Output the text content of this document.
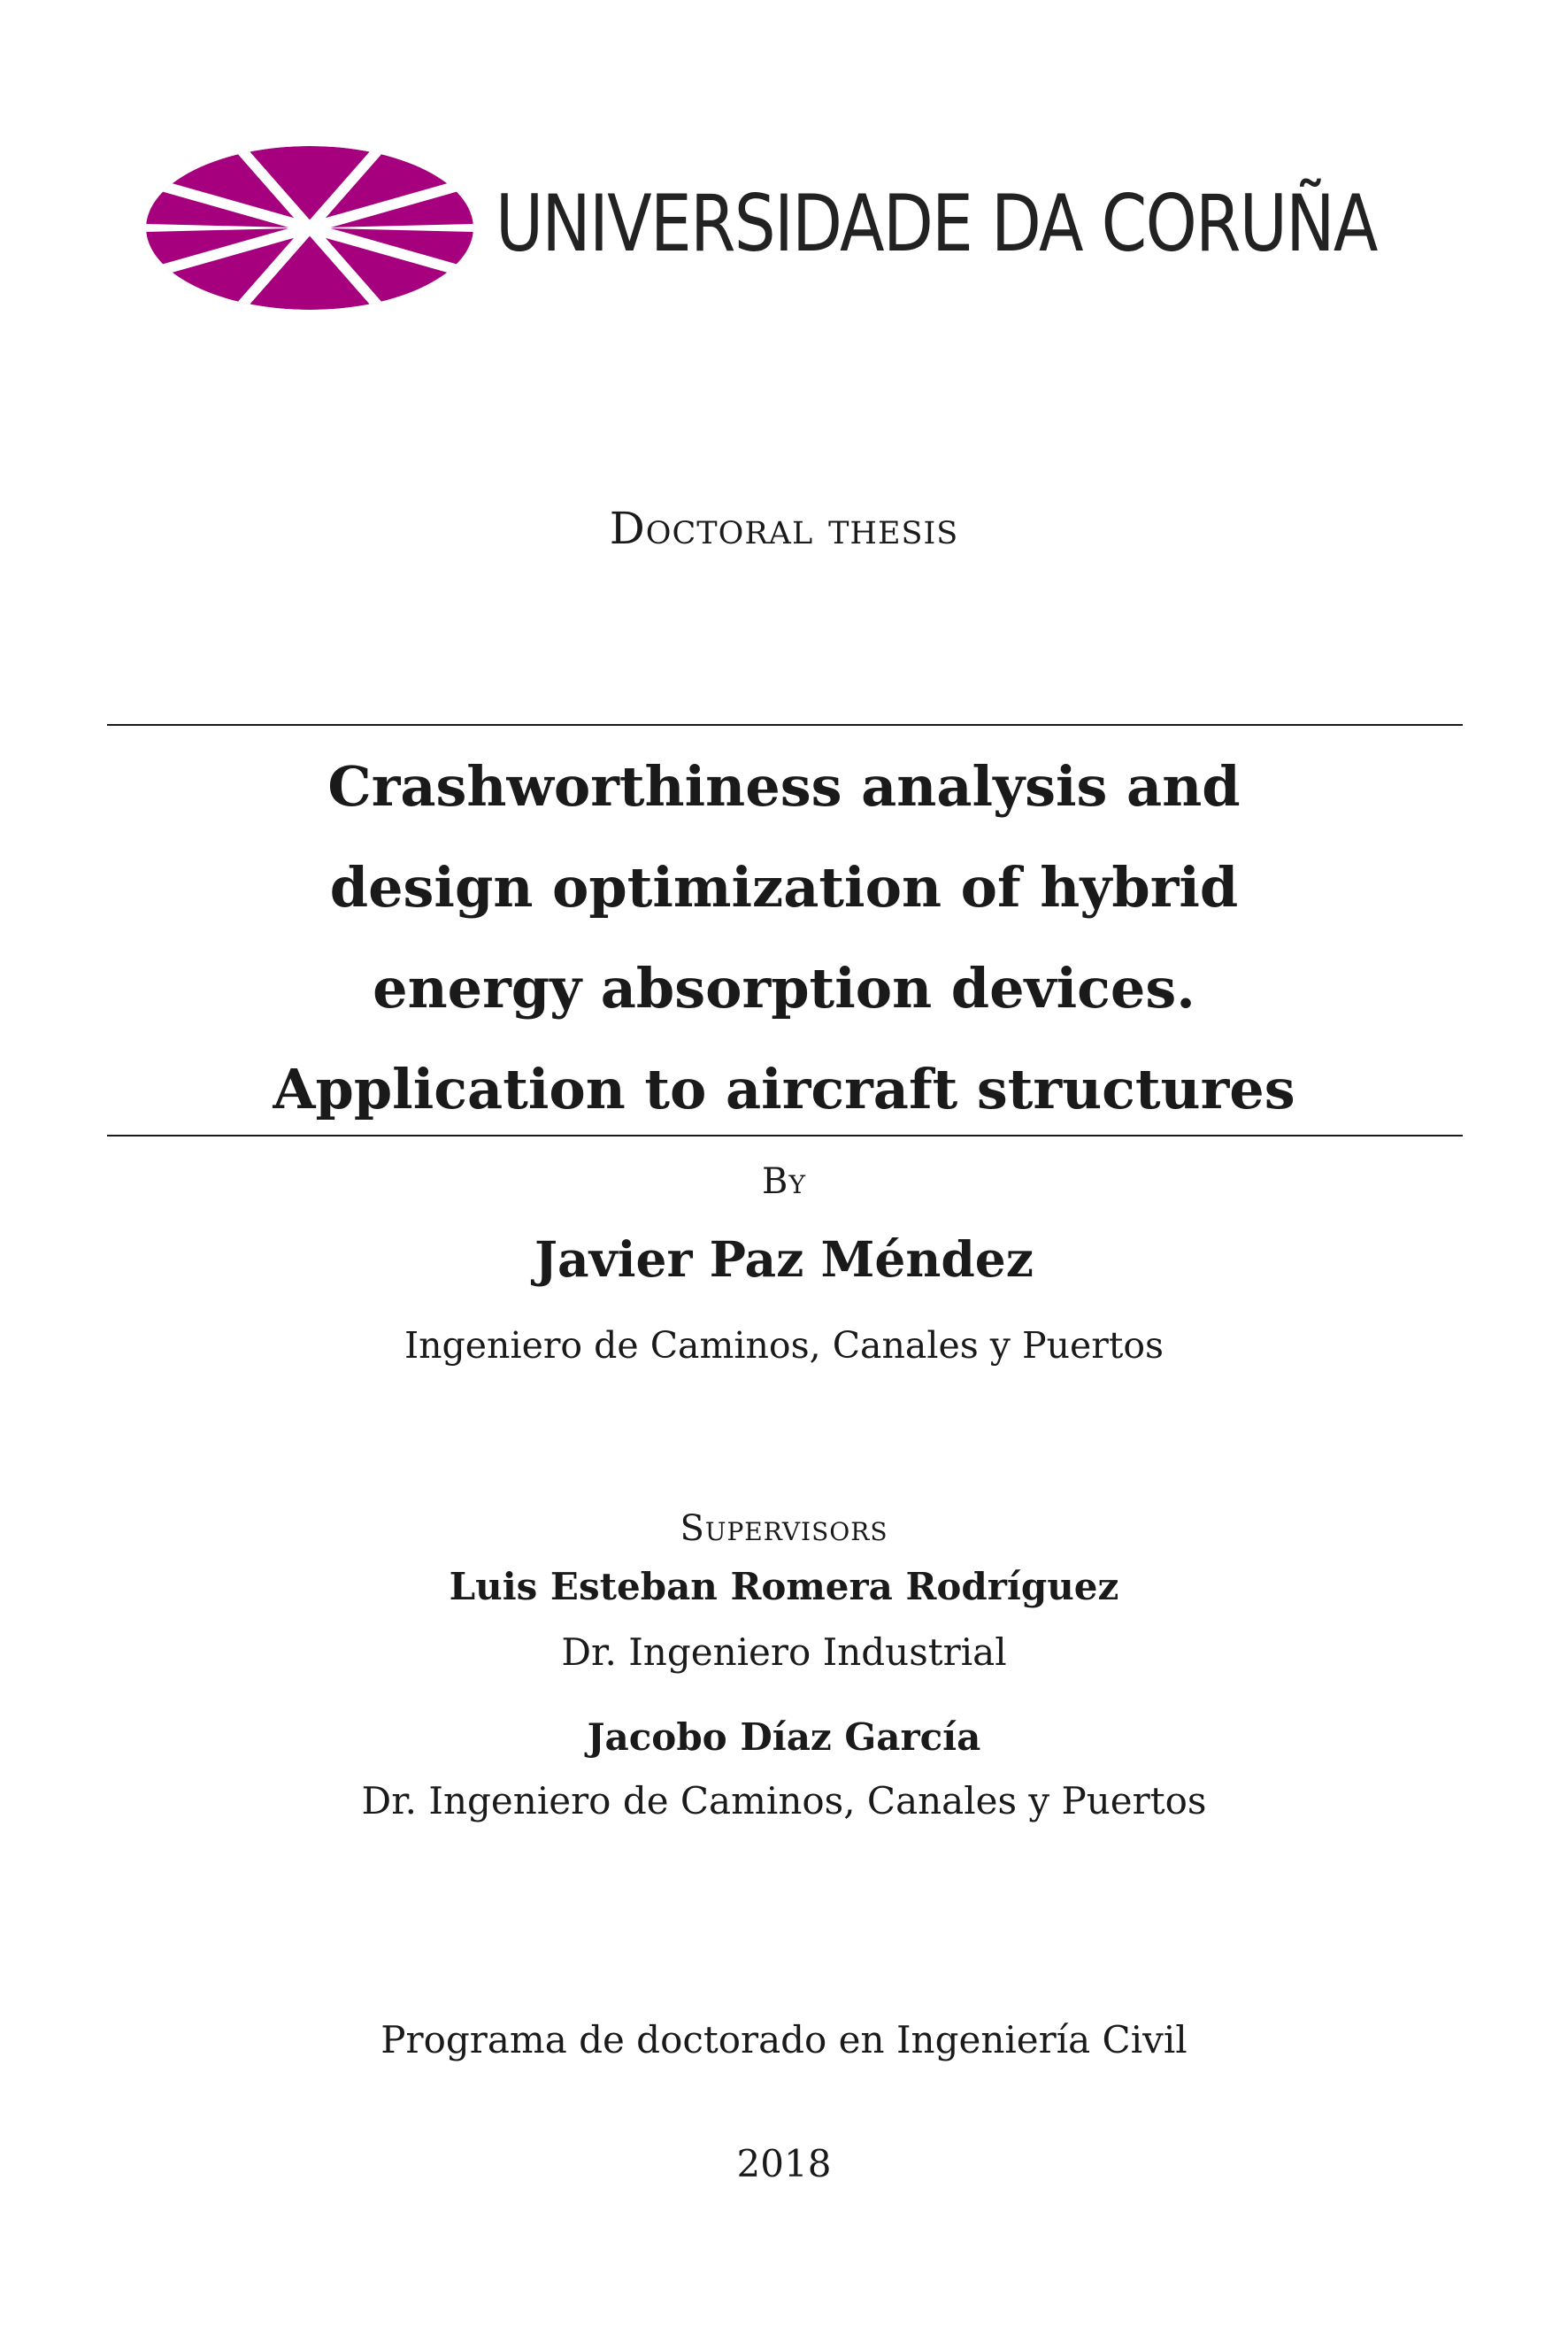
UNIVERSIDADE DA CORUÑA
Doctoral thesis
Crashworthiness analysis and
design optimization of hybrid
energy absorption devices.
Application to aircraft structures
By
Javier Paz Méndez
Ingeniero de Caminos, Canales y Puertos
Supervisors
Luis Esteban Romera Rodríguez
Dr. Ingeniero Industrial
Jacobo Díaz García
Dr. Ingeniero de Caminos, Canales y Puertos
Programa de doctorado en Ingeniería Civil
2018
